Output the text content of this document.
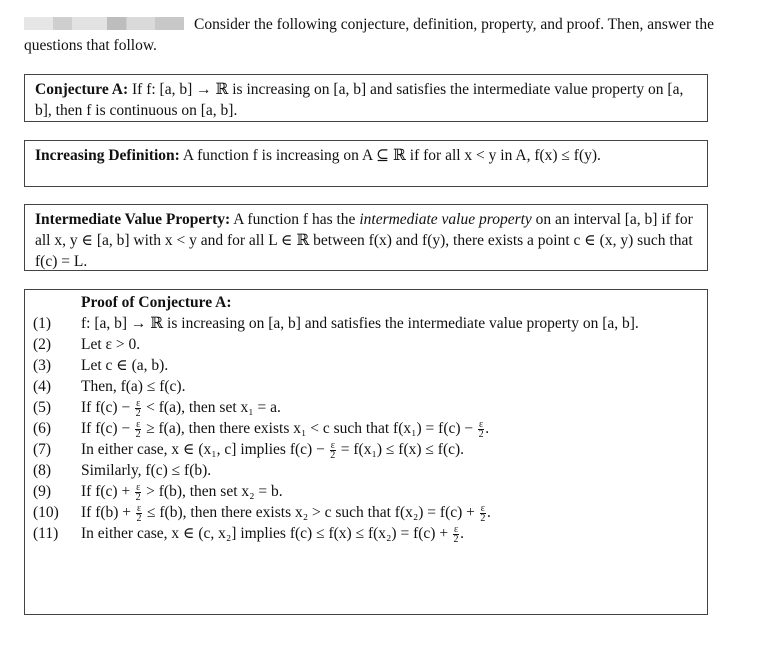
Consider the following conjecture, definition, property, and proof. Then, answer the questions that follow.
Conjecture A: If f: [a, b] → ℝ is increasing on [a, b] and satisfies the intermediate value property on [a, b], then f is continuous on [a, b].
Increasing Definition: A function f is increasing on A ⊆ ℝ if for all x < y in A, f(x) ≤ f(y).
Intermediate Value Property: A function f has the intermediate value property on an interval [a, b] if for all x, y ∈ [a, b] with x < y and for all L ∈ ℝ between f(x) and f(y), there exists a point c ∈ (x, y) such that f(c) = L.
Proof of Conjecture A:
(1)	f: [a, b] → ℝ is increasing on [a, b] and satisfies the intermediate value property on [a, b].
(2)	Let ε > 0.
(3)	Let c ∈ (a, b).
(4)	Then, f(a) ≤ f(c).
(5)	If $f(c) - \frac{\varepsilon}{2} < f(a)$, then set x₁ = a.
(6)	If $f(c) - \frac{\varepsilon}{2} \ge f(a)$, then there exists x₁ < c such that $f(x_1) = f(c) - \frac{\varepsilon}{2}$ .
(7)	In either case, x ∈ (x₁, c] implies $f(c) - \frac{\varepsilon}{2} = f(x_1) \le f(x) \le f(c)$.
(8)	Similarly, f(c) ≤ f(b).
(9)	If $f(c) + \frac{\varepsilon}{2} > f(b)$, then set x₂ = b.
(10)	If $f(b) + \frac{\varepsilon}{2} \le f(b)$, then there exists x₂ > c such that $f(x_2) = f(c) + \frac{\varepsilon}{2}$ .
(11)	In either case, x ∈ (c, x₂] implies $f(c) \le f(x) \le f(x_2) = f(c) + \frac{\varepsilon}{2}$ .
